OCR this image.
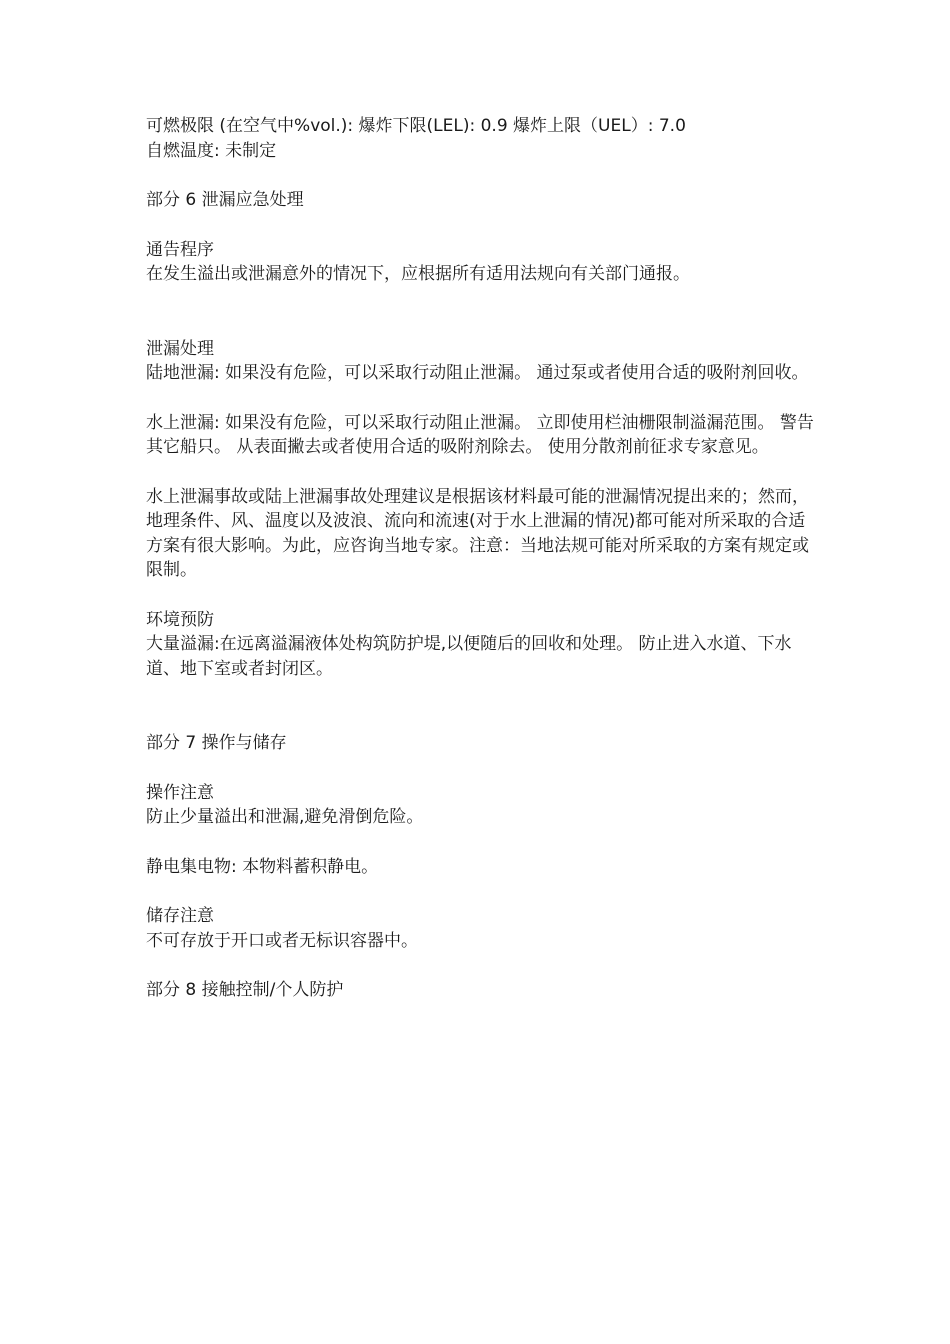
可燃极限 (在空气中%vol.): 爆炸下限(LEL): 0.9 爆炸上限（UEL）: 7.0

自燃温度: 未制定

部分 6 泄漏应急处理

通告程序

在发生溢出或泄漏意外的情况下，应根据所有适用法规向有关部门通报。

泄漏处理

陆地泄漏: 如果没有危险，可以采取行动阻止泄漏。 通过泵或者使用合适的吸附剂回收。

水上泄漏: 如果没有危险，可以采取行动阻止泄漏。 立即使用栏油栅限制溢漏范围。 警告其它船只。 从表面撇去或者使用合适的吸附剂除去。 使用分散剂前征求专家意见。

水上泄漏事故或陆上泄漏事故处理建议是根据该材料最可能的泄漏情况提出来的；然而，地理条件、风、温度以及波浪、流向和流速(对于水上泄漏的情况)都可能对所采取的合适方案有很大影响。为此，应咨询当地专家。注意：当地法规可能对所采取的方案有规定或限制。

环境预防

大量溢漏:在远离溢漏液体处构筑防护堤,以便随后的回收和处理。 防止进入水道、下水道、地下室或者封闭区。

部分 7 操作与储存

操作注意

防止少量溢出和泄漏,避免滑倒危险。

静电集电物: 本物料蓄积静电。

储存注意

不可存放于开口或者无标识容器中。

部分 8 接触控制/个人防护
